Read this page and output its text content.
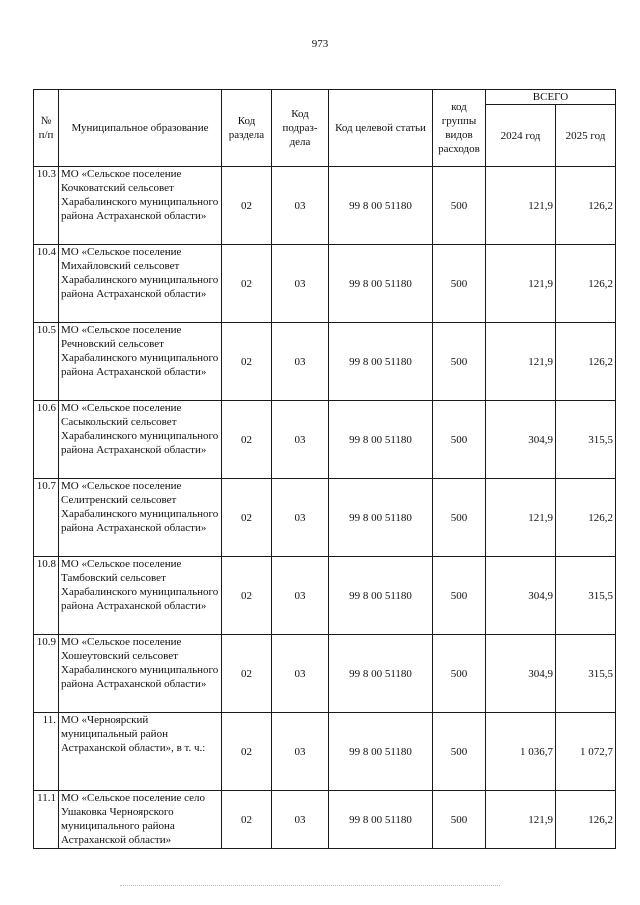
973
№ п/п	Муниципальное образование	Код раздела	Код подраз-дела	Код целевой статьи	код группы видов расходов	ВСЕГО	
						2024 год	2025 год
10.3	МО «Сельское поселение Кочковатский сельсовет Харабалинского муниципального района Астраханской области»	02	03	99 8 00 51180	500	121,9	126,2
10.4	МО «Сельское поселение Михайловский сельсовет Харабалинского муниципального района Астраханской области»	02	03	99 8 00 51180	500	121,9	126,2
10.5	МО «Сельское поселение Речновский сельсовет Харабалинского муниципального района Астраханской области»	02	03	99 8 00 51180	500	121,9	126,2
10.6	МО «Сельское поселение Сасыкольский сельсовет Харабалинского муниципального района Астраханской области»	02	03	99 8 00 51180	500	304,9	315,5
10.7	МО «Сельское поселение Селитренский сельсовет Харабалинского муниципального района Астраханской области»	02	03	99 8 00 51180	500	121,9	126,2
10.8	МО «Сельское поселение Тамбовский сельсовет Харабалинского муниципального района Астраханской области»	02	03	99 8 00 51180	500	304,9	315,5
10.9	МО «Сельское поселение Хошеутовский сельсовет Харабалинского муниципального района Астраханской области»	02	03	99 8 00 51180	500	304,9	315,5
11.	МО «Черноярский муниципальный район Астраханской области», в т. ч.:	02	03	99 8 00 51180	500	1 036,7	1 072,7
11.1	МО «Сельское поселение село Ушаковка Черноярского муниципального района Астраханской области»	02	03	99 8 00 51180	500	121,9	126,2
